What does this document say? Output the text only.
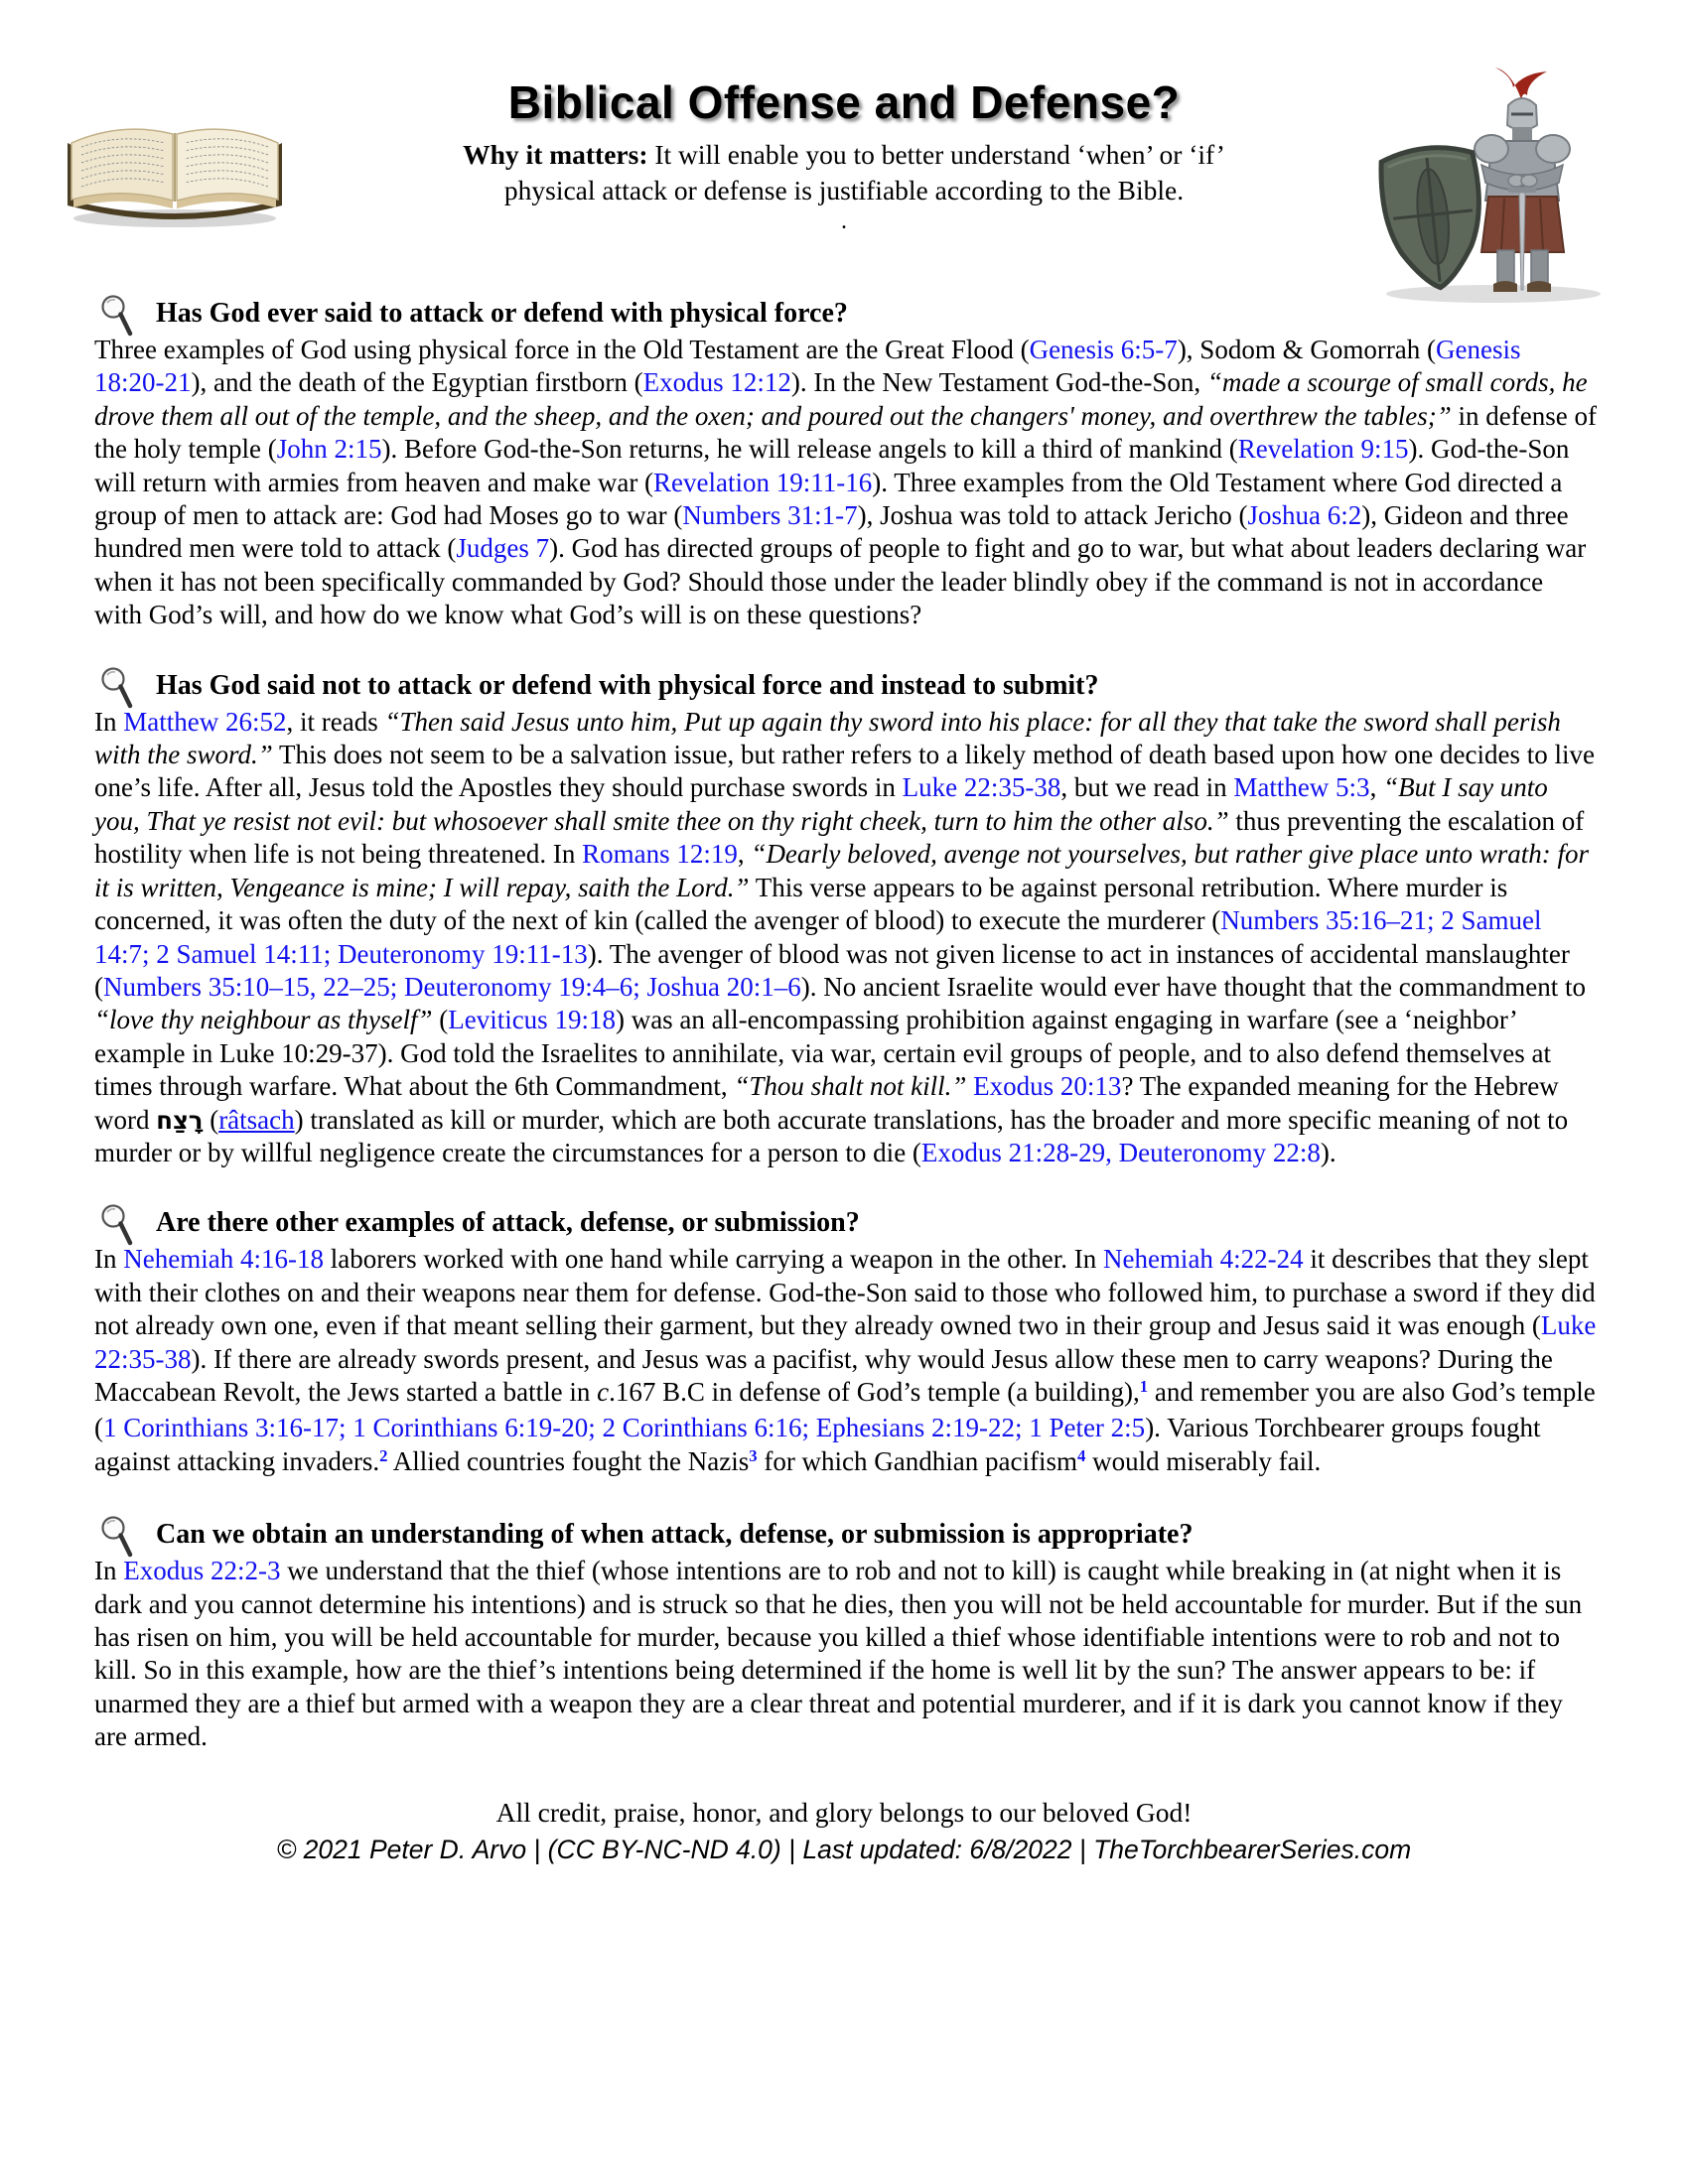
Biblical Offense and Defense?
Why it matters: It will enable you to better understand ‘when’ or ‘if’
physical attack or defense is justifiable according to the Bible.
.
Has God ever said to attack or defend with physical force?

Three examples of God using physical force in the Old Testament are the Great Flood (Genesis 6:5-7), Sodom & Gomorrah (Genesis 18:20-21), and the death of the Egyptian firstborn (Exodus 12:12). In the New Testament God-the-Son, “made a scourge of small cords, he drove them all out of the temple, and the sheep, and the oxen; and poured out the changers' money, and overthrew the tables;” in defense of the holy temple (John 2:15). Before God-the-Son returns, he will release angels to kill a third of mankind (Revelation 9:15). God-the-Son will return with armies from heaven and make war (Revelation 19:11-16). Three examples from the Old Testament where God directed a group of men to attack are: God had Moses go to war (Numbers 31:1-7), Joshua was told to attack Jericho (Joshua 6:2), Gideon and three hundred men were told to attack (Judges 7). God has directed groups of people to fight and go to war, but what about leaders declaring war when it has not been specifically commanded by God? Should those under the leader blindly obey if the command is not in accordance with God’s will, and how do we know what God’s will is on these questions?

Has God said not to attack or defend with physical force and instead to submit?

In Matthew 26:52, it reads “Then said Jesus unto him, Put up again thy sword into his place: for all they that take the sword shall perish with the sword.” This does not seem to be a salvation issue, but rather refers to a likely method of death based upon how one decides to live one’s life. After all, Jesus told the Apostles they should purchase swords in Luke 22:35-38, but we read in Matthew 5:3, “But I say unto you, That ye resist not evil: but whosoever shall smite thee on thy right cheek, turn to him the other also.” thus preventing the escalation of hostility when life is not being threatened. In Romans 12:19, “Dearly beloved, avenge not yourselves, but rather give place unto wrath: for it is written, Vengeance is mine; I will repay, saith the Lord.” This verse appears to be against personal retribution. Where murder is concerned, it was often the duty of the next of kin (called the avenger of blood) to execute the murderer (Numbers 35:16–21; 2 Samuel 14:7; 2 Samuel 14:11; Deuteronomy 19:11-13). The avenger of blood was not given license to act in instances of accidental manslaughter (Numbers 35:10–15, 22–25; Deuteronomy 19:4–6; Joshua 20:1–6). No ancient Israelite would ever have thought that the commandment to “love thy neighbour as thyself” (Leviticus 19:18) was an all-encompassing prohibition against engaging in warfare (see a ‘neighbor’ example in Luke 10:29-37). God told the Israelites to annihilate, via war, certain evil groups of people, and to also defend themselves at times through warfare. What about the 6th Commandment, “Thou shalt not kill.” Exodus 20:13? The expanded meaning for the Hebrew word רָצַח (râtsach) translated as kill or murder, which are both accurate translations, has the broader and more specific meaning of not to murder or by willful negligence create the circumstances for a person to die (Exodus 21:28-29, Deuteronomy 22:8).

Are there other examples of attack, defense, or submission?

In Nehemiah 4:16-18 laborers worked with one hand while carrying a weapon in the other. In Nehemiah 4:22-24 it describes that they slept with their clothes on and their weapons near them for defense. God-the-Son said to those who followed him, to purchase a sword if they did not already own one, even if that meant selling their garment, but they already owned two in their group and Jesus said it was enough (Luke 22:35-38). If there are already swords present, and Jesus was a pacifist, why would Jesus allow these men to carry weapons? During the Maccabean Revolt, the Jews started a battle in c.167 B.C in defense of God’s temple (a building),$^1$ and remember you are also God’s temple (1 Corinthians 3:16-17; 1 Corinthians 6:19-20; 2 Corinthians 6:16; Ephesians 2:19-22; 1 Peter 2:5). Various Torchbearer groups fought against attacking invaders.$^2$ Allied countries fought the Nazis$^3$ for which Gandhian pacifism$^4$ would miserably fail.

Can we obtain an understanding of when attack, defense, or submission is appropriate?

In Exodus 22:2-3 we understand that the thief (whose intentions are to rob and not to kill) is caught while breaking in (at night when it is dark and you cannot determine his intentions) and is struck so that he dies, then you will not be held accountable for murder. But if the sun has risen on him, you will be held accountable for murder, because you killed a thief whose identifiable intentions were to rob and not to kill. So in this example, how are the thief’s intentions being determined if the home is well lit by the sun? The answer appears to be: if unarmed they are a thief but armed with a weapon they are a clear threat and potential murderer, and if it is dark you cannot know if they are armed.

All credit, praise, honor, and glory belongs to our beloved God!
© 2021 Peter D. Arvo | (CC BY-NC-ND 4.0) | Last updated: 6/8/2022 | TheTorchbearerSeries.com
